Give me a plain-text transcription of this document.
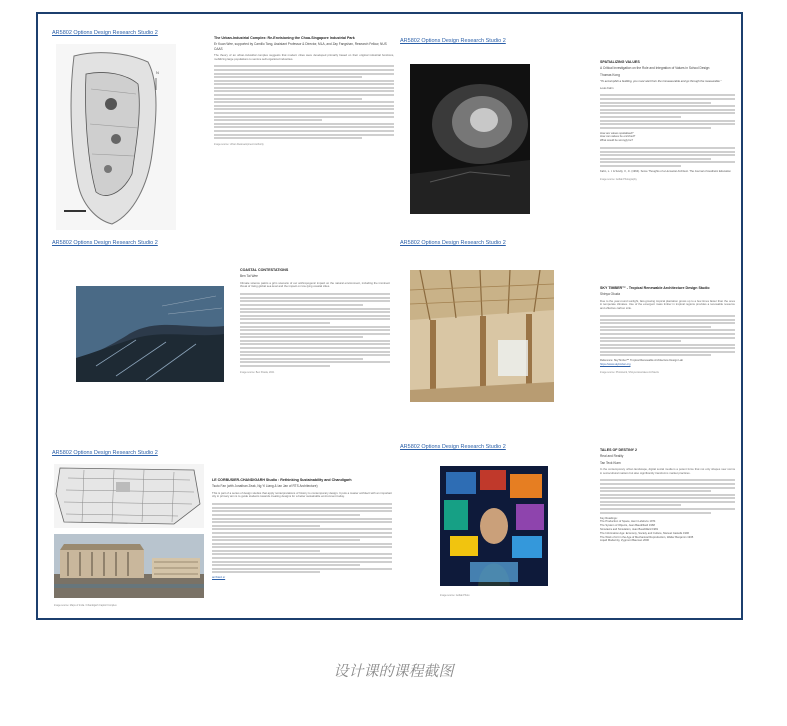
AR5802 Options Design Research Studio 2
N
The Urban-Industrial Complex: Re-Envisioning the Choa-Singapore Industrial Park
Er Kuan Wee, supported by Camillo Tang, Assistant Professor & Director, MLA, and Zay Fangshan, Research Fellow, NUS CAAS
The theory of an urban-industrial complex suggests that modern cities were developed primarily based on their original industrial functions, mobilizing large populations to service self-organized industries.
Image source: Urban Redevelopment Authority
AR5802 Options Design Research Studio 2
SPATIALIZING VALUES
A Critical Investigation on the Role and Integration of Values in School Design
Thomas Kong
"To accomplish a building, you must start from the immeasurable and go through the measurable."
Louis Kahn
How are values spatialised?
How can values be enriched?
What would be wrongly be?
Kahn, L. I. & Scully, V., Jr. (1964). Some Thoughts of a Humanist Architect. The Journal of Aesthetic Education
Image source: Gollak Photography
AR5802 Options Design Research Studio 2
COASTAL CONTESTATIONS
Ben Tai Wee
Climate science paints a grim scenario of our anthropogenic impact on the natural environment, including the imminent threat of rising global sea level and the impact on low-lying coastal cities.
Image source: Ben Khada, 2021
AR5802 Options Design Research Studio 2
SKY TIMBER™ - Tropical Renewable Architecture Design Studio
Shinya Okuda
Due to the year-round sunlight, fast-growing tropical plantation grows up to a few times faster than the ones in temperate climates. Use of the emergent mass timber in tropical regions provides a renewable resource and effective carbon sink.
Reference: SkyTimber™ Tropical Renewable Architecture Design Lab
https://www.skytimber.org
Image source: Photowork, Shinya Associates Architects
AR5802 Options Design Research Studio 2
Image source: Maps of India / Chandigarh Capitol Complex
LE CORBUSIER-CHANDIGARH Studio : Rethinking Sustainability and Chandigarh
Tsuto Fan (with Jonathan Zeak, Ng Yi Liang & Ian Jan of RTS Architecture)
This is part of a series of design studios that apply reinterpretations of history to contemporary design. It puts a master architect with an important city in primary aim is to guide students towards creating designs for a better sustainable environment today.
architect.sr
AR5802 Options Design Research Studio 2
Image source: Gollak Photo
TALES OF DESTINY 2
Real and Reality
Tan Teck Kiam
In the contemporary urban landscape, digital social media is a potent force that not only shapes new norms in sociocultural matters but also significantly transforms market practices.
Key Readings:
The Production of Space, Henri Lefebvre 1974
The System of Objects, Jean Baudrillard 1968
Simulacra and Simulation, Jean Baudrillard 1981
The Information Age: Economy, Society and Culture, Manuel Castells 1996
The Work of Art in the Age of Mechanical Reproduction, Walter Benjamin 1935
Liquid Modernity, Zygmunt Bauman 2000
设计课的课程截图
